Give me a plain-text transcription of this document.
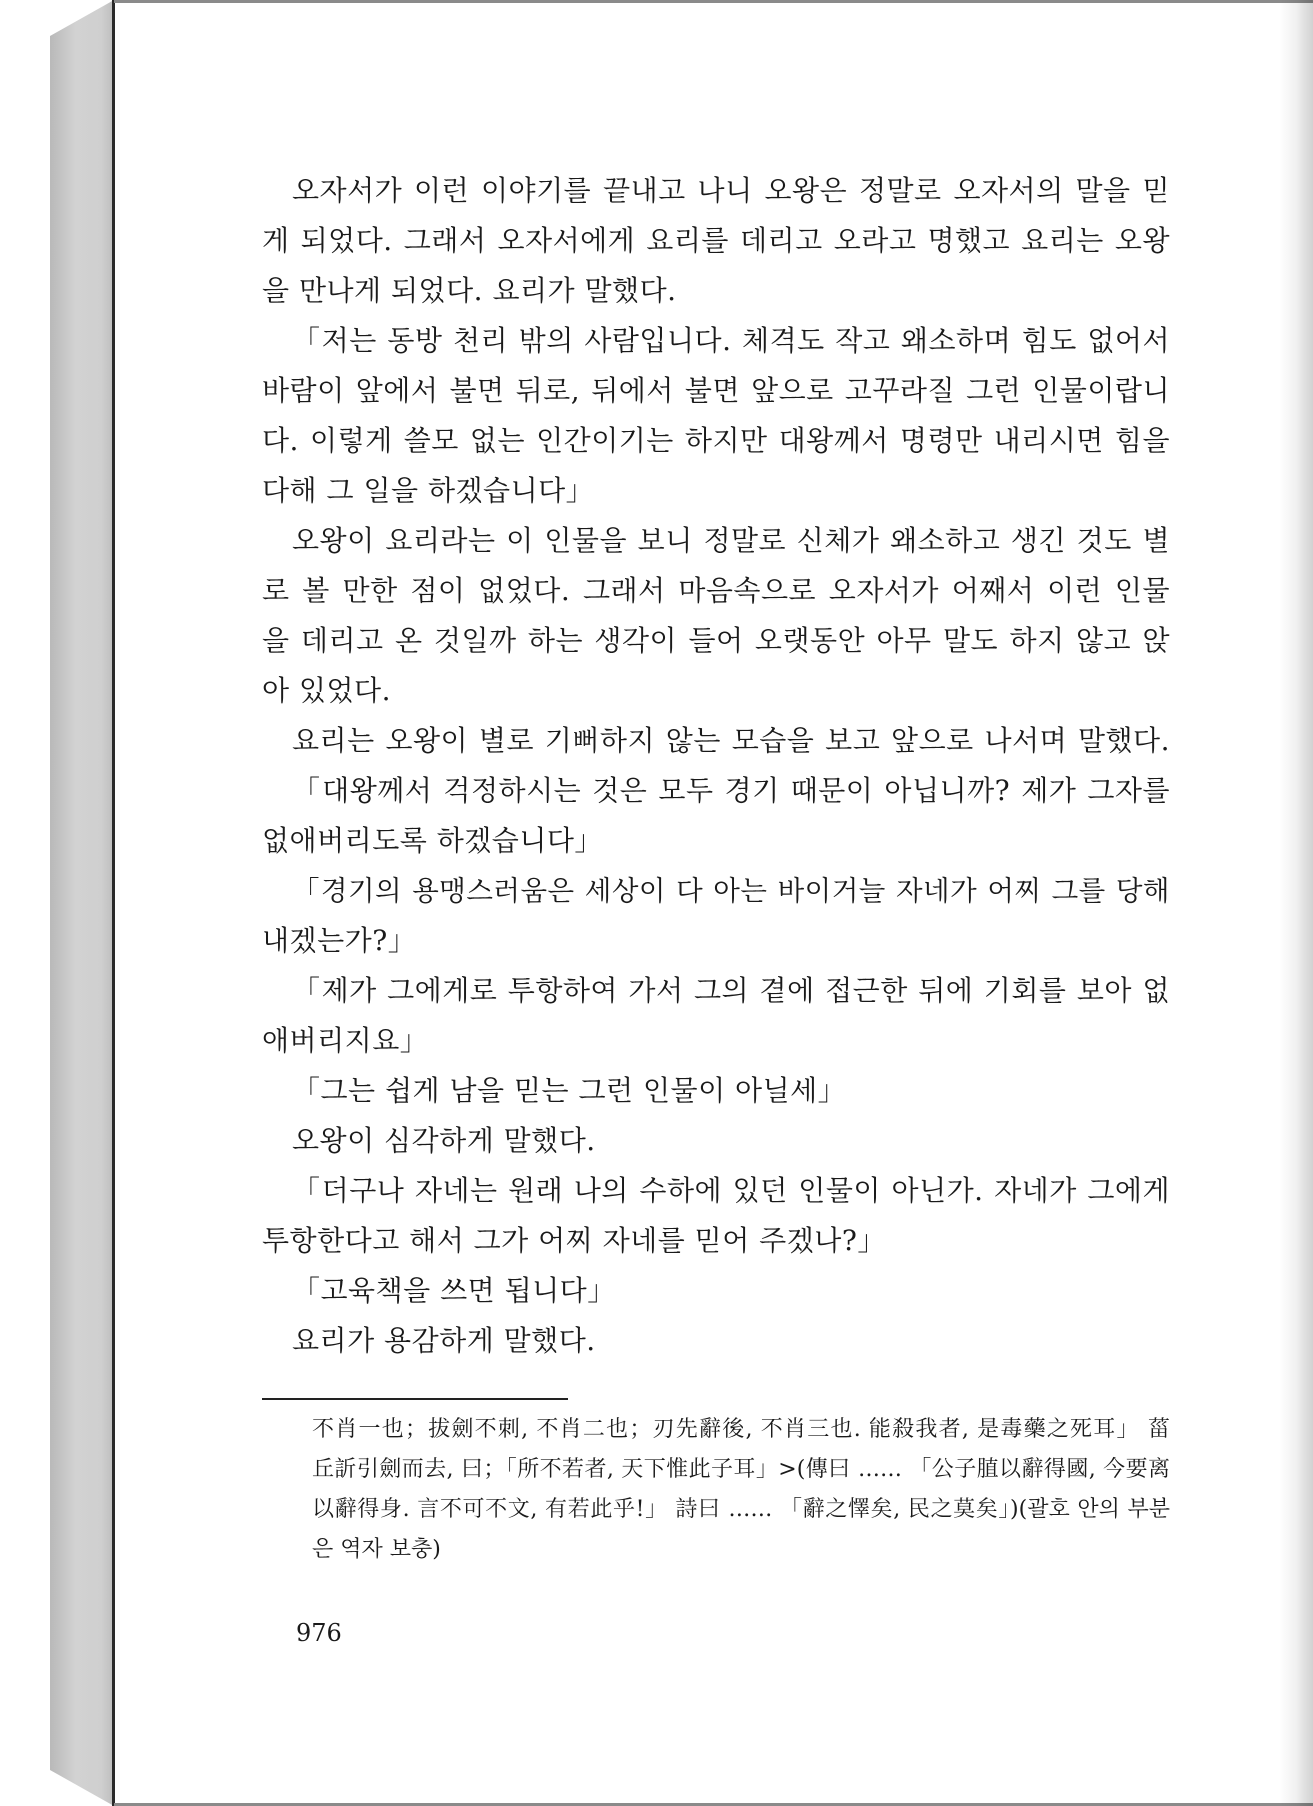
오자서가 이런 이야기를 끝내고 나니 오왕은 정말로 오자서의 말을 믿
게 되었다. 그래서 오자서에게 요리를 데리고 오라고 명했고 요리는 오왕
을 만나게 되었다. 요리가 말했다.
「저는 동방 천리 밖의 사람입니다. 체격도 작고 왜소하며 힘도 없어서
바람이 앞에서 불면 뒤로, 뒤에서 불면 앞으로 고꾸라질 그런 인물이랍니
다. 이렇게 쓸모 없는 인간이기는 하지만 대왕께서 명령만 내리시면 힘을
다해 그 일을 하겠습니다」
오왕이 요리라는 이 인물을 보니 정말로 신체가 왜소하고 생긴 것도 별
로 볼 만한 점이 없었다. 그래서 마음속으로 오자서가 어째서 이런 인물
을 데리고 온 것일까 하는 생각이 들어 오랫동안 아무 말도 하지 않고 앉
아 있었다.
요리는 오왕이 별로 기뻐하지 않는 모습을 보고 앞으로 나서며 말했다.
「대왕께서 걱정하시는 것은 모두 경기 때문이 아닙니까? 제가 그자를
없애버리도록 하겠습니다」
「경기의 용맹스러움은 세상이 다 아는 바이거늘 자네가 어찌 그를 당해
내겠는가?」
「제가 그에게로 투항하여 가서 그의 곁에 접근한 뒤에 기회를 보아 없
애버리지요」
「그는 쉽게 남을 믿는 그런 인물이 아닐세」
오왕이 심각하게 말했다.
「더구나 자네는 원래 나의 수하에 있던 인물이 아닌가. 자네가 그에게
투항한다고 해서 그가 어찌 자네를 믿어 주겠나?」
「고육책을 쓰면 됩니다」
요리가 용감하게 말했다.
不肖一也；拔劍不刺, 不肖二也；刃先辭後, 不肖三也. 能殺我者, 是毒藥之死耳」 菑
丘訢引劍而去, 曰；「所不若者, 天下惟此子耳」>(傳曰 …… 「公子䐈以辭得國, 今要离
以辭得身. 言不可不文, 有若此乎!」 詩曰 …… 「辭之懌矣, 民之莫矣」)(괄호 안의 부분
은 역자 보충)
976
